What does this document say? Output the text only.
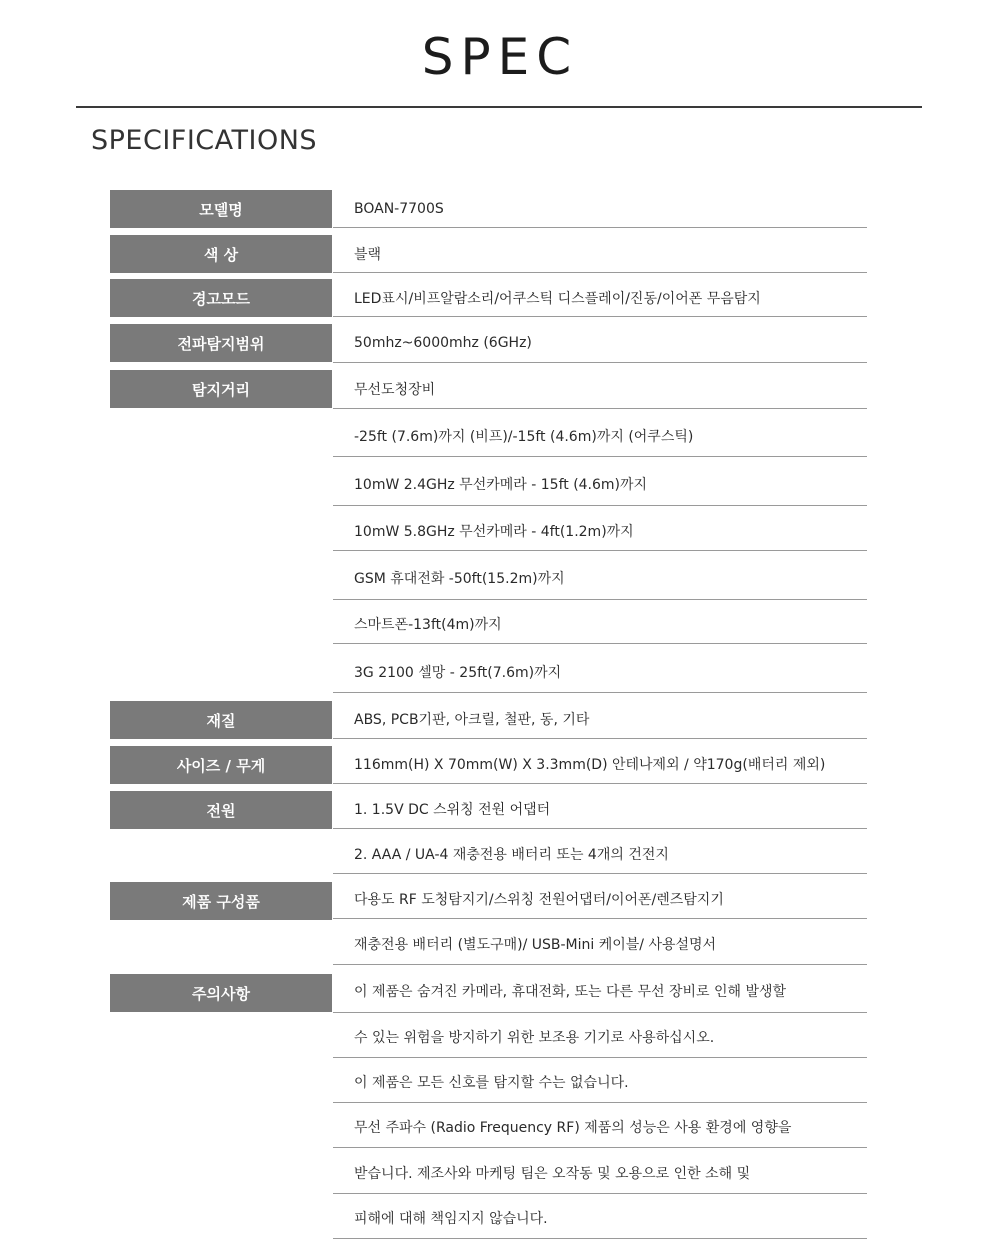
SPEC
SPECIFICATIONS
모델명
색 상
경고모드
전파탐지범위
탐지거리
재질
사이즈 / 무게
전원
제품 구성품
주의사항
BOAN-7700S
블랙
LED표시/비프알람소리/어쿠스틱 디스플레이/진동/이어폰 무음탐지
50mhz~6000mhz (6GHz)
무선도청장비
-25ft (7.6m)까지 (비프)/-15ft (4.6m)까지 (어쿠스틱)
10mW 2.4GHz 무선카메라 - 15ft (4.6m)까지
10mW 5.8GHz 무선카메라 - 4ft(1.2m)까지
GSM 휴대전화 -50ft(15.2m)까지
스마트폰-13ft(4m)까지
3G 2100 셀망 - 25ft(7.6m)까지
ABS, PCB기판, 아크릴, 철판, 동, 기타
116mm(H) X 70mm(W) X 3.3mm(D) 안테나제외 / 약170g(배터리 제외)
1. 1.5V DC 스위칭 전원 어댑터
2. AAA / UA-4 재충전용 배터리 또는 4개의 건전지
다용도 RF 도청탐지기/스위칭 전원어댑터/이어폰/렌즈탐지기
재충전용 배터리 (별도구매)/ USB-Mini 케이블/ 사용설명서
이 제품은 숨겨진 카메라, 휴대전화, 또는 다른 무선 장비로 인해 발생할
수 있는 위험을 방지하기 위한 보조용 기기로 사용하십시오.
이 제품은 모든 신호를 탐지할 수는 없습니다.
무선 주파수 (Radio Frequency RF) 제품의 성능은 사용 환경에 영향을
받습니다. 제조사와 마케팅 팀은 오작동 및 오용으로 인한 소해 및
피해에 대해 책임지지 않습니다.
